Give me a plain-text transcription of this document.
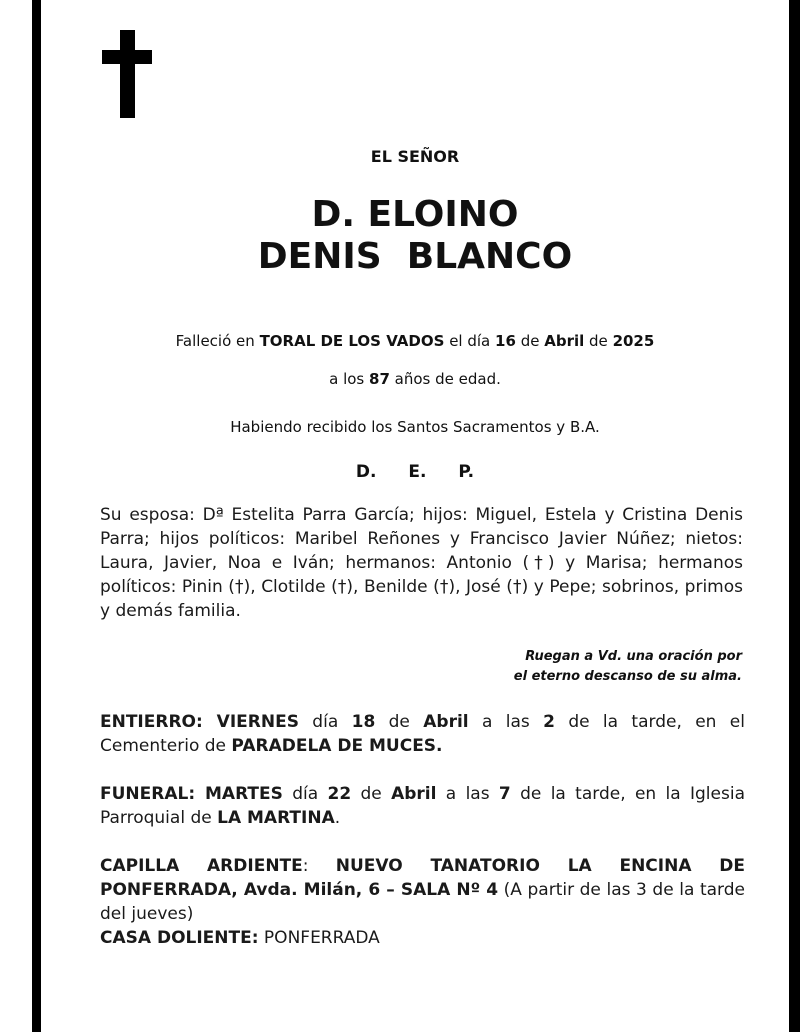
EL SEÑOR
D. ELOINO
DENIS  BLANCO
Falleció en TORAL DE LOS VADOS el día 16 de Abril de 2025
a los 87 años de edad.
Habiendo recibido los Santos Sacramentos y B.A.
D. E. P.
Su esposa: Dª Estelita Parra García; hijos: Miguel, Estela y Cristina Denis Parra; hijos políticos: Maribel Reñones y Francisco Javier Núñez; nietos: Laura, Javier, Noa e Iván; hermanos: Antonio (†) y Marisa; hermanos políticos: Pinin (†), Clotilde (†), Benilde (†), José (†) y Pepe; sobrinos, primos y demás familia.
Ruegan a Vd. una oración por
el eterno descanso de su alma.
ENTIERRO: VIERNES día 18 de Abril a las 2 de la tarde, en el Cementerio de PARADELA DE MUCES.
FUNERAL: MARTES día 22 de Abril a las 7 de la tarde, en la Iglesia Parroquial de LA MARTINA.
CAPILLA ARDIENTE: NUEVO TANATORIO LA ENCINA DE PONFERRADA, Avda. Milán, 6 – SALA Nº 4 (A partir de las 3 de la tarde del jueves)
CASA DOLIENTE: PONFERRADA
